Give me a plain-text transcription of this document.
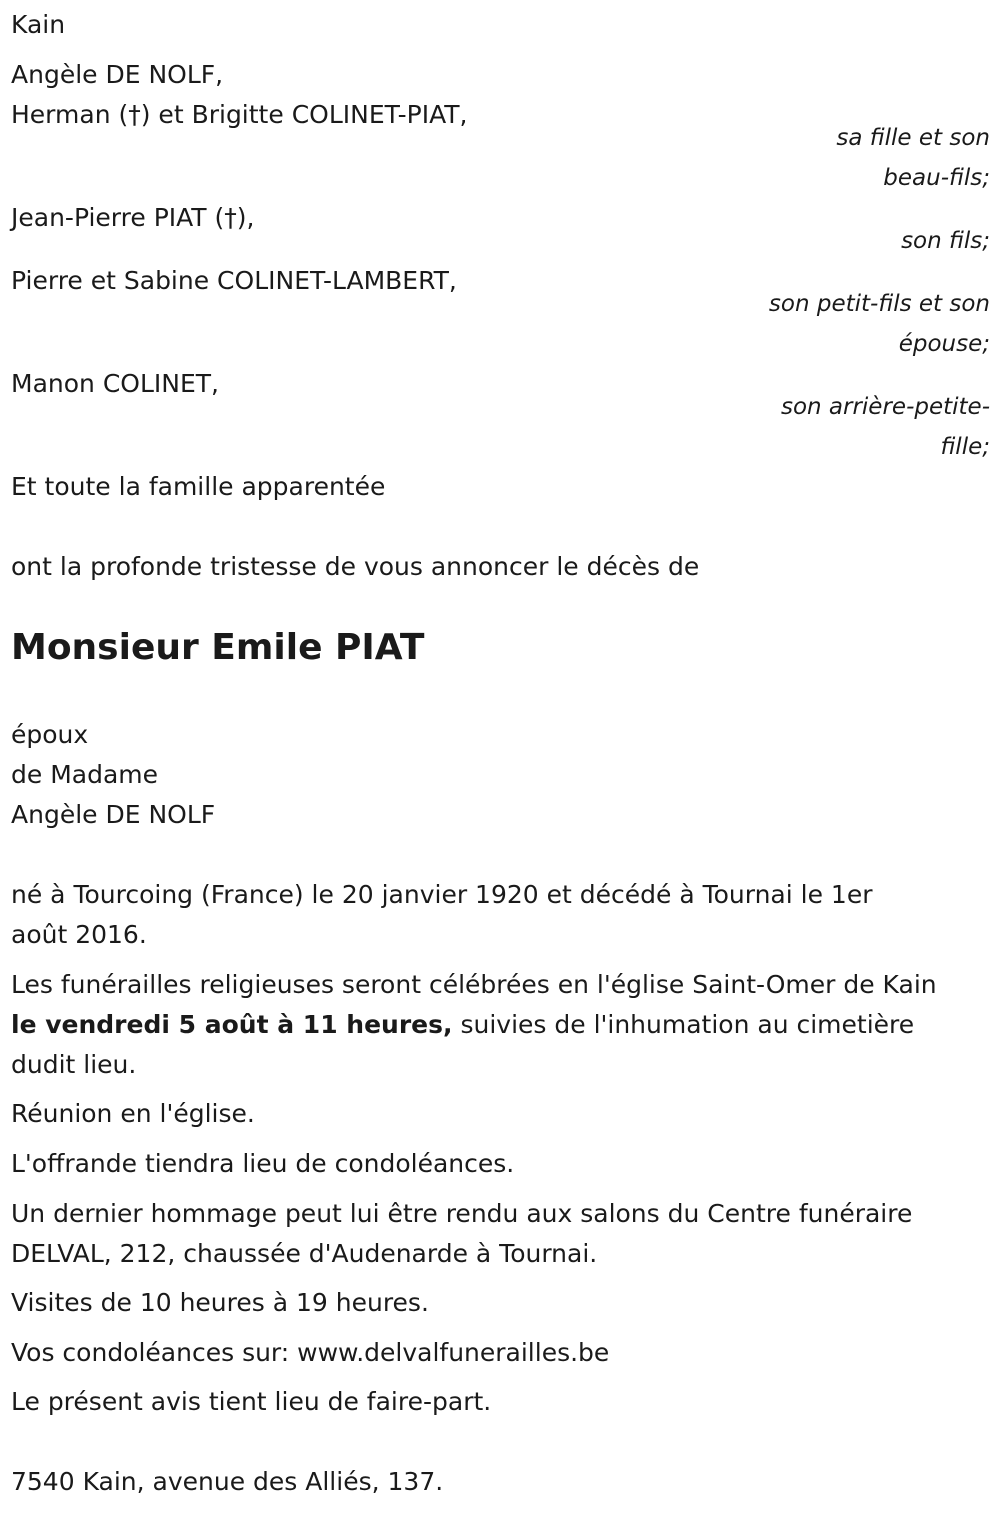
Kain
Angèle DE NOLF,
Herman (†) et Brigitte COLINET-PIAT,
sa fille et son
beau-fils;
Jean-Pierre PIAT (†),
son fils;
Pierre et Sabine COLINET-LAMBERT,
son petit-fils et son
épouse;
Manon COLINET,
son arrière-petite-
fille;
Et toute la famille apparentée
ont la profonde tristesse de vous annoncer le décès de
Monsieur Emile PIAT
époux
de Madame
Angèle DE NOLF
né à Tourcoing (France) le 20 janvier 1920 et décédé à Tournai le 1er
août 2016.
Les funérailles religieuses seront célébrées en l'église Saint-Omer de Kain
le vendredi 5 août à 11 heures, suivies de l'inhumation au cimetière
dudit lieu.
Réunion en l'église.
L'offrande tiendra lieu de condoléances.
Un dernier hommage peut lui être rendu aux salons du Centre funéraire
DELVAL, 212, chaussée d'Audenarde à Tournai.
Visites de 10 heures à 19 heures.
Vos condoléances sur: www.delvalfunerailles.be
Le présent avis tient lieu de faire-part.
7540 Kain, avenue des Alliés, 137.
